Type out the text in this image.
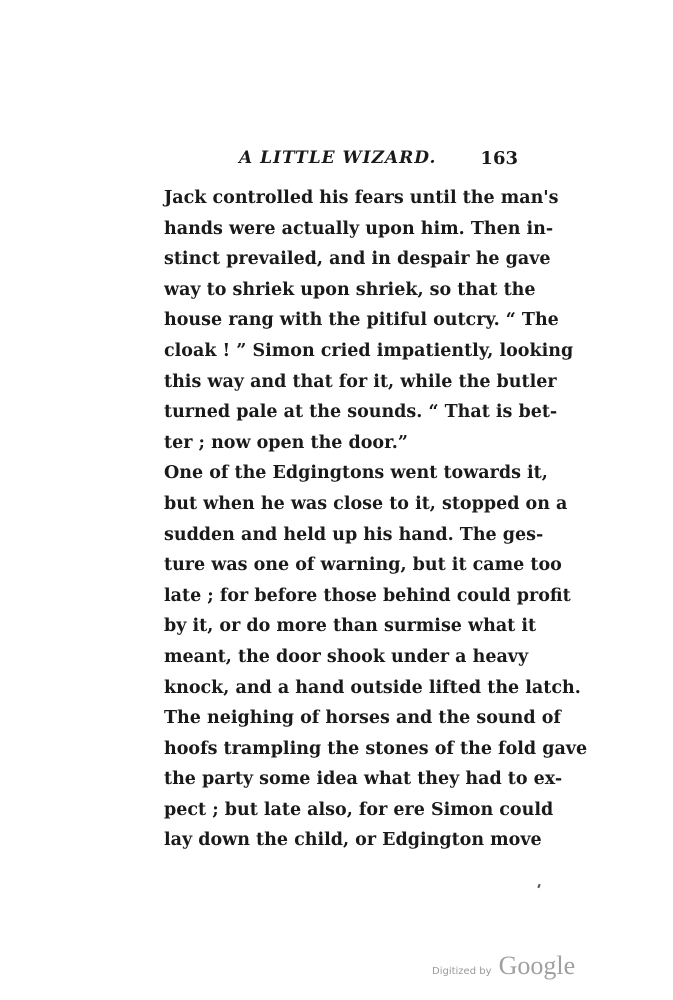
A LITTLE WIZARD. 163

Jack controlled his fears until the man's
hands were actually upon him. Then in-
stinct prevailed, and in despair he gave
way to shriek upon shriek, so that the
house rang with the pitiful outcry. “ The
cloak ! ” Simon cried impatiently, looking
this way and that for it, while the butler
turned pale at the sounds. “ That is bet-
ter ; now open the door.”

One of the Edgingtons went towards it,
but when he was close to it, stopped on a
sudden and held up his hand. The ges-
ture was one of warning, but it came too
late ; for before those behind could profit
by it, or do more than surmise what it
meant, the door shook under a heavy
knock, and a hand outside lifted the latch.
The neighing of horses and the sound of
hoofs trampling the stones of the fold gave
the party some idea what they had to ex-
pect ; but late also, for ere Simon could
lay down the child, or Edgington move

Digitized by Google
